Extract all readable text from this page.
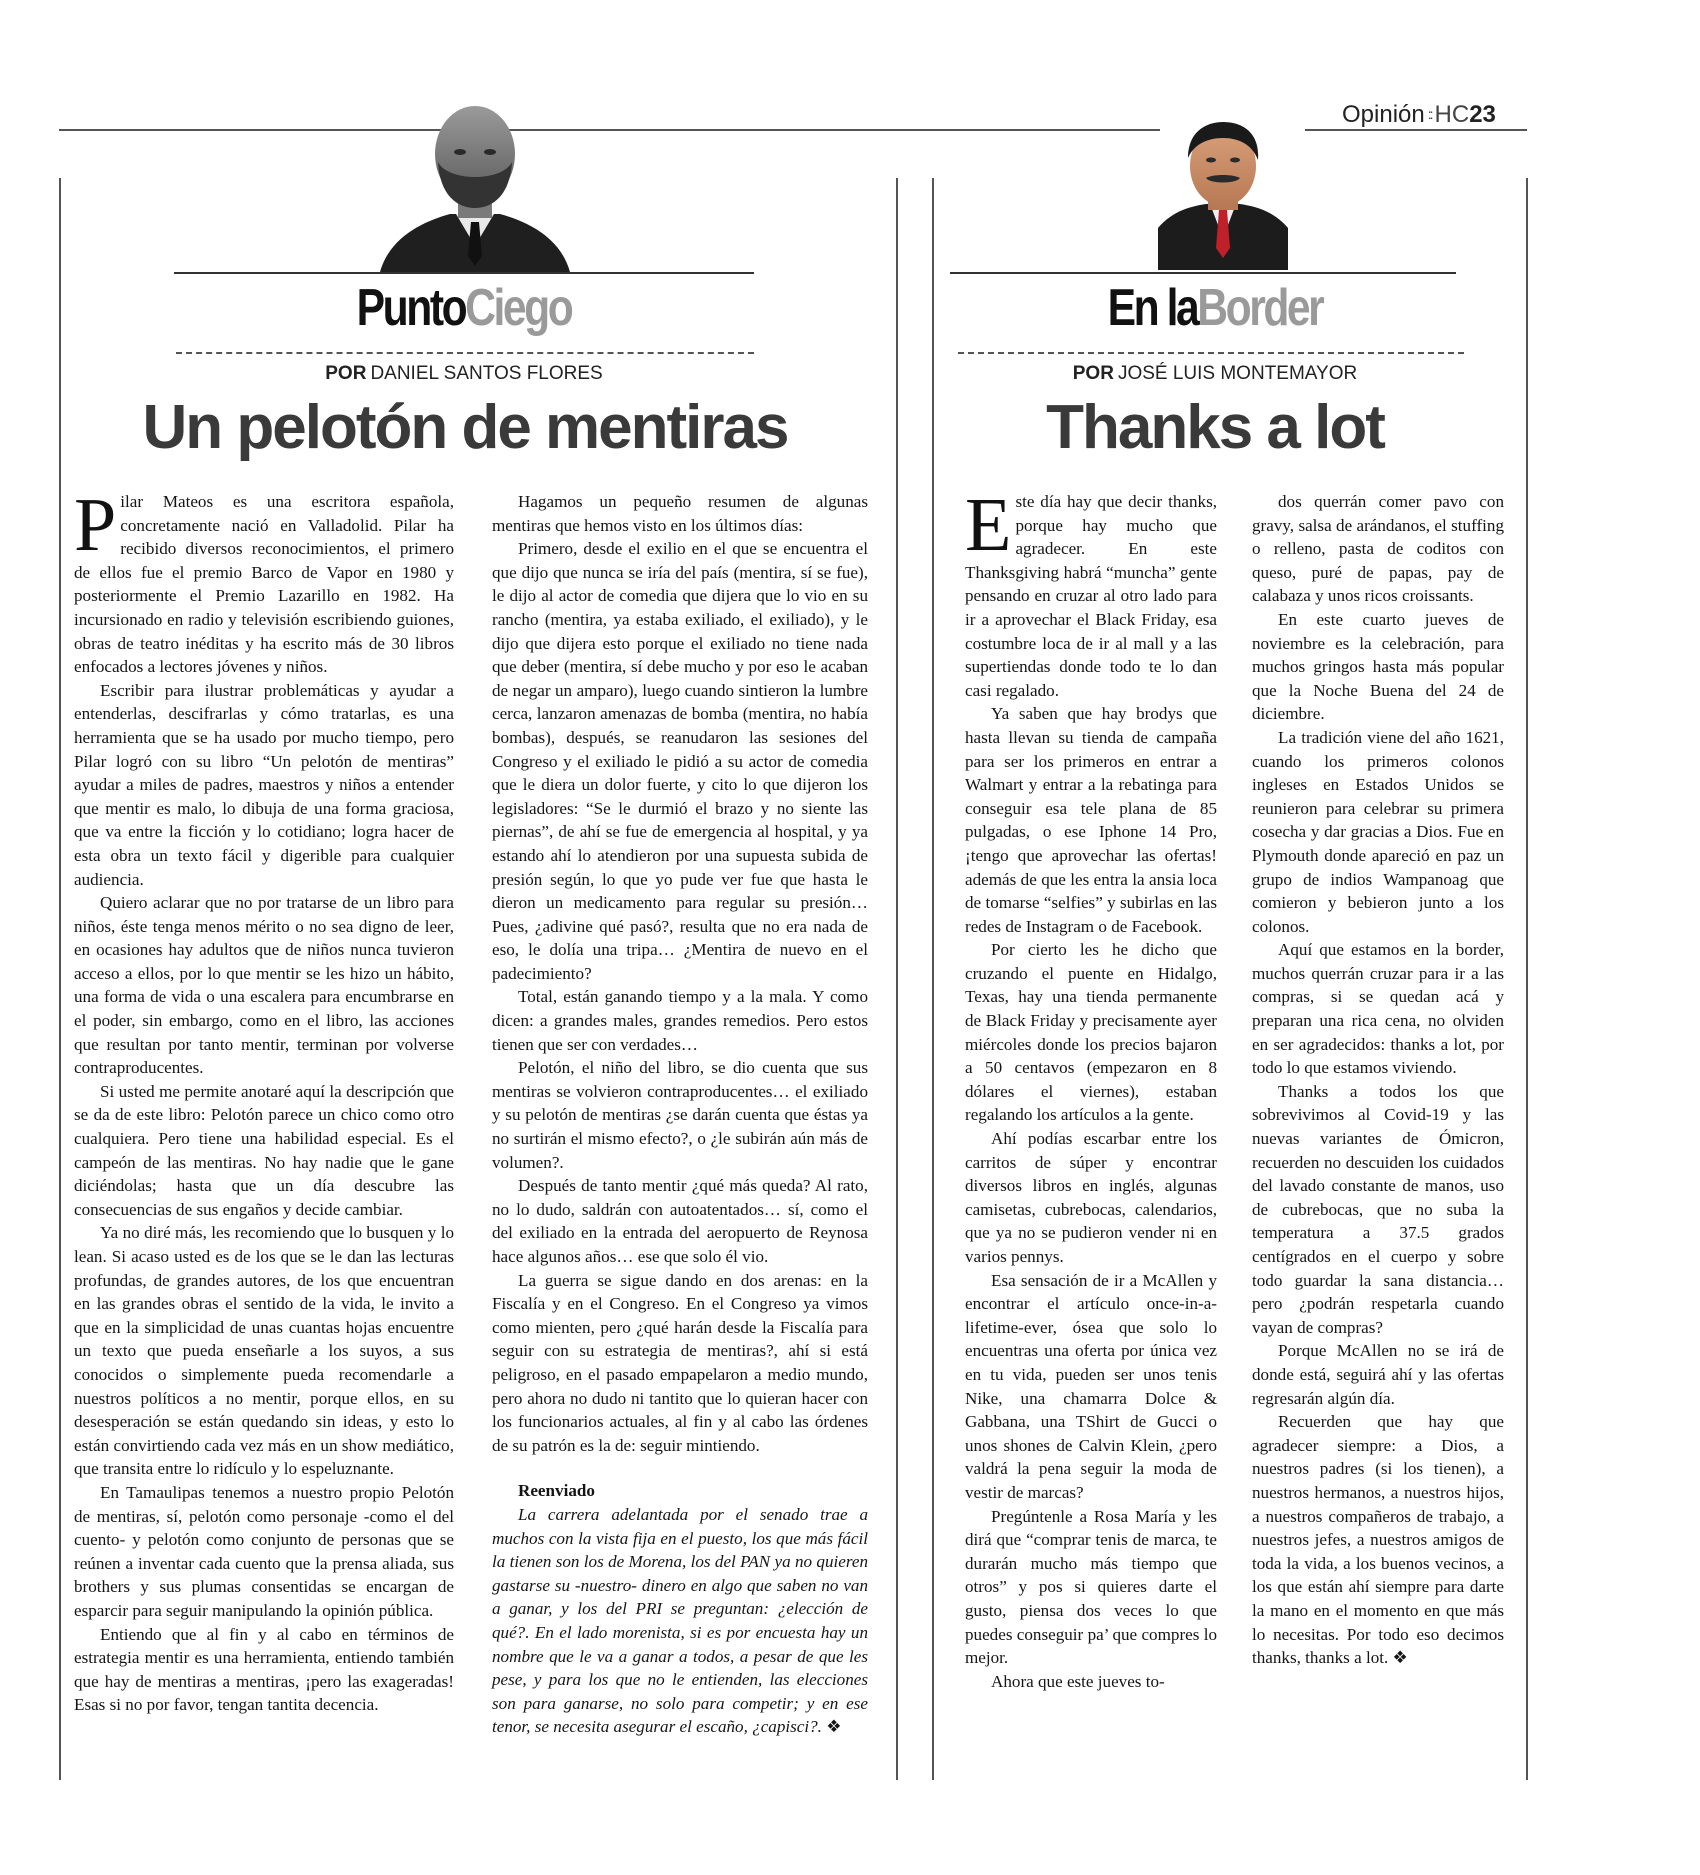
Opinión :: HC23
PuntoCiego
POR DANIEL SANTOS FLORES
Un pelotón de mentiras

Pilar Mateos es una escritora española, concretamente nació en Valladolid. Pilar ha recibido diversos reconocimientos, el primero de ellos fue el premio Barco de Vapor en 1980 y posteriormente el Premio Lazarillo en 1982. Ha incursionado en radio y televisión escribiendo guiones, obras de teatro inéditas y ha escrito más de 30 libros enfocados a lectores jóvenes y niños.

Escribir para ilustrar problemáticas y ayudar a entenderlas, descifrarlas y cómo tratarlas, es una herramienta que se ha usado por mucho tiempo, pero Pilar logró con su libro “Un pelotón de mentiras” ayudar a miles de padres, maestros y niños a entender que mentir es malo, lo dibuja de una forma graciosa, que va entre la ficción y lo cotidiano; logra hacer de esta obra un texto fácil y digerible para cualquier audiencia.

Quiero aclarar que no por tratarse de un libro para niños, éste tenga menos mérito o no sea digno de leer, en ocasiones hay adultos que de niños nunca tuvieron acceso a ellos, por lo que mentir se les hizo un hábito, una forma de vida o una escalera para encumbrarse en el poder, sin embargo, como en el libro, las acciones que resultan por tanto mentir, terminan por volverse contraproducentes.

Si usted me permite anotaré aquí la descripción que se da de este libro: Pelotón parece un chico como otro cualquiera. Pero tiene una habilidad especial. Es el campeón de las mentiras. No hay nadie que le gane diciéndolas; hasta que un día descubre las consecuencias de sus engaños y decide cambiar.

Ya no diré más, les recomiendo que lo busquen y lo lean. Si acaso usted es de los que se le dan las lecturas profundas, de grandes autores, de los que encuentran en las grandes obras el sentido de la vida, le invito a que en la simplicidad de unas cuantas hojas encuentre un texto que pueda enseñarle a los suyos, a sus conocidos o simplemente pueda recomendarle a nuestros políticos a no mentir, porque ellos, en su desesperación se están quedando sin ideas, y esto lo están convirtiendo cada vez más en un show mediático, que transita entre lo ridículo y lo espeluznante.

En Tamaulipas tenemos a nuestro propio Pelotón de mentiras, sí, pelotón como personaje -como el del cuento- y pelotón como conjunto de personas que se reúnen a inventar cada cuento que la prensa aliada, sus brothers y sus plumas consentidas se encargan de esparcir para seguir manipulando la opinión pública.

Entiendo que al fin y al cabo en términos de estrategia mentir es una herramienta, entiendo también que hay de mentiras a mentiras, ¡pero las exageradas! Esas si no por favor, tengan tantita decencia.

Hagamos un pequeño resumen de algunas mentiras que hemos visto en los últimos días:

Primero, desde el exilio en el que se encuentra el que dijo que nunca se iría del país (mentira, sí se fue), le dijo al actor de comedia que dijera que lo vio en su rancho (mentira, ya estaba exiliado, el exiliado), y le dijo que dijera esto porque el exiliado no tiene nada que deber (mentira, sí debe mucho y por eso le acaban de negar un amparo), luego cuando sintieron la lumbre cerca, lanzaron amenazas de bomba (mentira, no había bombas), después, se reanudaron las sesiones del Congreso y el exiliado le pidió a su actor de comedia que le diera un dolor fuerte, y cito lo que dijeron los legisladores: “Se le durmió el brazo y no siente las piernas”, de ahí se fue de emergencia al hospital, y ya estando ahí lo atendieron por una supuesta subida de presión según, lo que yo pude ver fue que hasta le dieron un medicamento para regular su presión… Pues, ¿adivine qué pasó?, resulta que no era nada de eso, le dolía una tripa… ¿Mentira de nuevo en el padecimiento?

Total, están ganando tiempo y a la mala. Y como dicen: a grandes males, grandes remedios. Pero estos tienen que ser con verdades…

Pelotón, el niño del libro, se dio cuenta que sus mentiras se volvieron contraproducentes… el exiliado y su pelotón de mentiras ¿se darán cuenta que éstas ya no surtirán el mismo efecto?, o ¿le subirán aún más de volumen?.

Después de tanto mentir ¿qué más queda? Al rato, no lo dudo, saldrán con autoatentados… sí, como el del exiliado en la entrada del aeropuerto de Reynosa hace algunos años… ese que solo él vio.

La guerra se sigue dando en dos arenas: en la Fiscalía y en el Congreso. En el Congreso ya vimos como mienten, pero ¿qué harán desde la Fiscalía para seguir con su estrategia de mentiras?, ahí si está peligroso, en el pasado empapelaron a medio mundo, pero ahora no dudo ni tantito que lo quieran hacer con los funcionarios actuales, al fin y al cabo las órdenes de su patrón es la de: seguir mintiendo.

Reenviado

La carrera adelantada por el senado trae a muchos con la vista fija en el puesto, los que más fácil la tienen son los de Morena, los del PAN ya no quieren gastarse su -nuestro- dinero en algo que saben no van a ganar, y los del PRI se preguntan: ¿elección de qué?. En el lado morenista, si es por encuesta hay un nombre que le va a ganar a todos, a pesar de que les pese, y para los que no le entienden, las elecciones son para ganarse, no solo para competir; y en ese tenor, se necesita asegurar el escaño, ¿capisci?. ❖

En laBorder
POR JOSÉ LUIS MONTEMAYOR
Thanks a lot

Este día hay que decir thanks, porque hay mucho que agradecer. En este Thanksgiving habrá “muncha” gente pensando en cruzar al otro lado para ir a aprovechar el Black Friday, esa costumbre loca de ir al mall y a las supertiendas donde todo te lo dan casi regalado.

Ya saben que hay brodys que hasta llevan su tienda de campaña para ser los primeros en entrar a Walmart y entrar a la rebatinga para conseguir esa tele plana de 85 pulgadas, o ese Iphone 14 Pro, ¡tengo que aprovechar las ofertas! además de que les entra la ansia loca de tomarse “selfies” y subirlas en las redes de Instagram o de Facebook.

Por cierto les he dicho que cruzando el puente en Hidalgo, Texas, hay una tienda permanente de Black Friday y precisamente ayer miércoles donde los precios bajaron a 50 centavos (empezaron en 8 dólares el viernes), estaban regalando los artículos a la gente.

Ahí podías escarbar entre los carritos de súper y encontrar diversos libros en inglés, algunas camisetas, cubrebocas, calendarios, que ya no se pudieron vender ni en varios pennys.

Esa sensación de ir a McAllen y encontrar el artículo once-in-a-lifetime-ever, ósea que solo lo encuentras una oferta por única vez en tu vida, pueden ser unos tenis Nike, una chamarra Dolce & Gabbana, una TShirt de Gucci o unos shones de Calvin Klein, ¿pero valdrá la pena seguir la moda de vestir de marcas?

Pregúntenle a Rosa María y les dirá que “comprar tenis de marca, te durarán mucho más tiempo que otros” y pos si quieres darte el gusto, piensa dos veces lo que puedes conseguir pa’ que compres lo mejor.

Ahora que este jueves to-

dos querrán comer pavo con gravy, salsa de arándanos, el stuffing o relleno, pasta de coditos con queso, puré de papas, pay de calabaza y unos ricos croissants.

En este cuarto jueves de noviembre es la celebración, para muchos gringos hasta más popular que la Noche Buena del 24 de diciembre.

La tradición viene del año 1621, cuando los primeros colonos ingleses en Estados Unidos se reunieron para celebrar su primera cosecha y dar gracias a Dios. Fue en Plymouth donde apareció en paz un grupo de indios Wampanoag que comieron y bebieron junto a los colonos.

Aquí que estamos en la border, muchos querrán cruzar para ir a las compras, si se quedan acá y preparan una rica cena, no olviden en ser agradecidos: thanks a lot, por todo lo que estamos viviendo.

Thanks a todos los que sobrevivimos al Covid-19 y las nuevas variantes de Ómicron, recuerden no descuiden los cuidados del lavado constante de manos, uso de cubrebocas, que no suba la temperatura a 37.5 grados centígrados en el cuerpo y sobre todo guardar la sana distancia… pero ¿podrán respetarla cuando vayan de compras?

Porque McAllen no se irá de donde está, seguirá ahí y las ofertas regresarán algún día.

Recuerden que hay que agradecer siempre: a Dios, a nuestros padres (si los tienen), a nuestros hermanos, a nuestros hijos, a nuestros compañeros de trabajo, a nuestros jefes, a nuestros amigos de toda la vida, a los buenos vecinos, a los que están ahí siempre para darte la mano en el momento en que más lo necesitas. Por todo eso decimos thanks, thanks a lot. ❖
